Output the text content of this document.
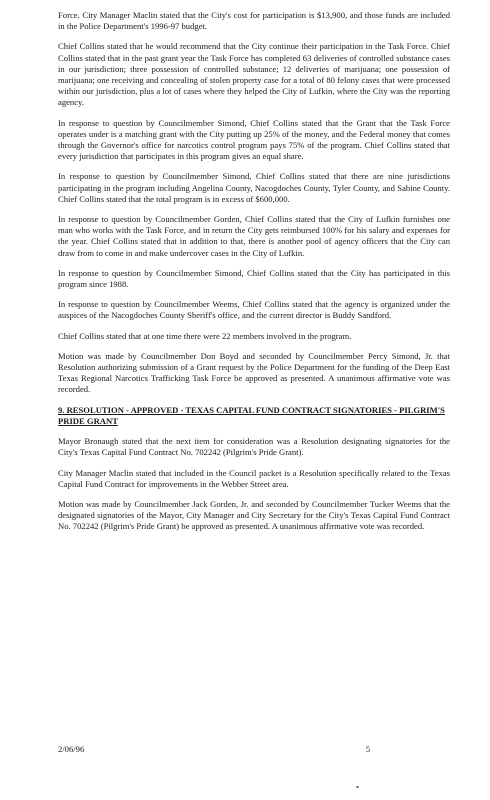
Force. City Manager Maclin stated that the City's cost for participation is $13,900, and those funds are included in the Police Department's 1996-97 budget.

Chief Collins stated that he would recommend that the City continue their participation in the Task Force. Chief Collins stated that in the past grant year the Task Force has completed 63 deliveries of controlled substance cases in our jurisdiction; three possession of controlled substance; 12 deliveries of marijuana; one possession of marijuana; one receiving and concealing of stolen property case for a total of 80 felony cases that were processed within our jurisdiction, plus a lot of cases where they helped the City of Lufkin, where the City was the reporting agency.

In response to question by Councilmember Simond, Chief Collins stated that the Grant that the Task Force operates under is a matching grant with the City putting up 25% of the money, and the Federal money that comes through the Governor's office for narcotics control program pays 75% of the program. Chief Collins stated that every jurisdiction that participates in this program gives an equal share.

In response to question by Councilmember Simond, Chief Collins stated that there are nine jurisdictions participating in the program including Angelina County, Nacogdoches County, Tyler County, and Sabine County. Chief Collins stated that the total program is in excess of $600,000.

In response to question by Councilmember Gorden, Chief Collins stated that the City of Lufkin furnishes one man who works with the Task Force, and in return the City gets reimbursed 100% for his salary and expenses for the year. Chief Collins stated that in addition to that, there is another pool of agency officers that the City can draw from to come in and make undercover cases in the City of Lufkin.

In response to question by Councilmember Simond, Chief Collins stated that the City has participated in this program since 1988.

In response to question by Councilmember Weems, Chief Collins stated that the agency is organized under the auspices of the Nacogdoches County Sheriff's office, and the current director is Buddy Sandford.

Chief Collins stated that at one time there were 22 members involved in the program.

Motion was made by Councilmember Don Boyd and seconded by Councilmember Percy Simond, Jr. that Resolution authorizing submission of a Grant request by the Police Department for the funding of the Deep East Texas Regional Narcotics Trafficking Task Force be approved as presented. A unanimous affirmative vote was recorded.

9. RESOLUTION - APPROVED - TEXAS CAPITAL FUND CONTRACT SIGNATORIES - PILGRIM'S PRIDE GRANT

Mayor Bronaugh stated that the next item for consideration was a Resolution designating signatories for the City's Texas Capital Fund Contract No. 702242 (Pilgrim's Pride Grant).

City Manager Maclin stated that included in the Council packet is a Resolution specifically related to the Texas Capital Fund Contract for improvements in the Webber Street area.

Motion was made by Councilmember Jack Gorden, Jr. and seconded by Councilmember Tucker Weems that the designated signatories of the Mayor, City Manager and City Secretary for the City's Texas Capital Fund Contract No. 702242 (Pilgrim's Pride Grant) be approved as presented. A unanimous affirmative vote was recorded.

2/06/96	5
